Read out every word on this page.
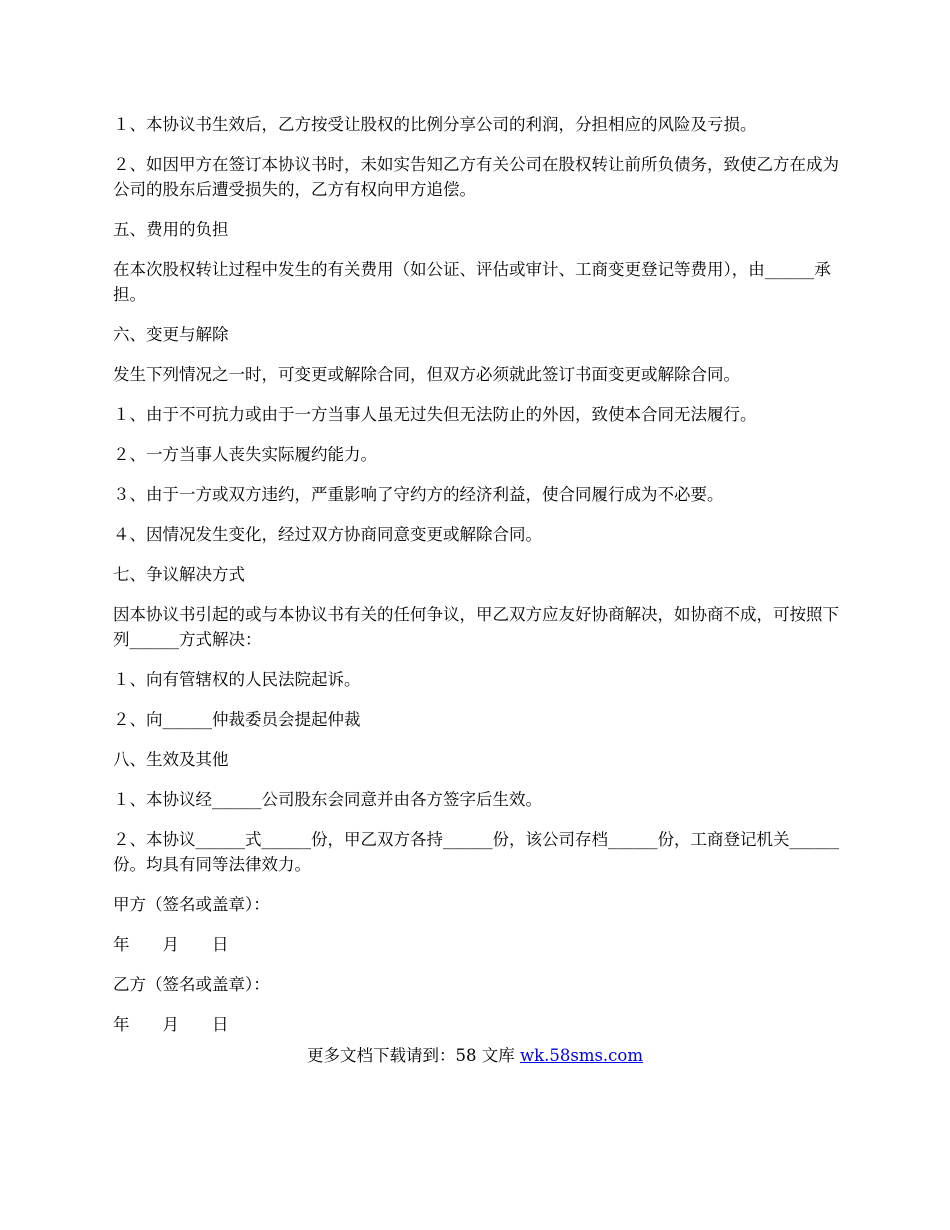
１、本协议书生效后，乙方按受让股权的比例分享公司的利润，分担相应的风险及亏损。

２、如因甲方在签订本协议书时，未如实告知乙方有关公司在股权转让前所负债务，致使乙方在成为公司的股东后遭受损失的，乙方有权向甲方追偿。

五、费用的负担

在本次股权转让过程中发生的有关费用（如公证、评估或审计、工商变更登记等费用），由______承担。

六、变更与解除

发生下列情况之一时，可变更或解除合同，但双方必须就此签订书面变更或解除合同。

１、由于不可抗力或由于一方当事人虽无过失但无法防止的外因，致使本合同无法履行。

２、一方当事人丧失实际履约能力。

３、由于一方或双方违约，严重影响了守约方的经济利益，使合同履行成为不必要。

４、因情况发生变化，经过双方协商同意变更或解除合同。

七、争议解决方式

因本协议书引起的或与本协议书有关的任何争议，甲乙双方应友好协商解决，如协商不成，可按照下列______方式解决：

１、向有管辖权的人民法院起诉。

２、向______仲裁委员会提起仲裁

八、生效及其他

１、本协议经______公司股东会同意并由各方签字后生效。

２、本协议______式______份，甲乙双方各持______份，该公司存档______份，工商登记机关______份。均具有同等法律效力。

甲方（签名或盖章）：

年　　月　　日

乙方（签名或盖章）：

年　　月　　日

更多文档下载请到：58 文库 wk.58sms.com
